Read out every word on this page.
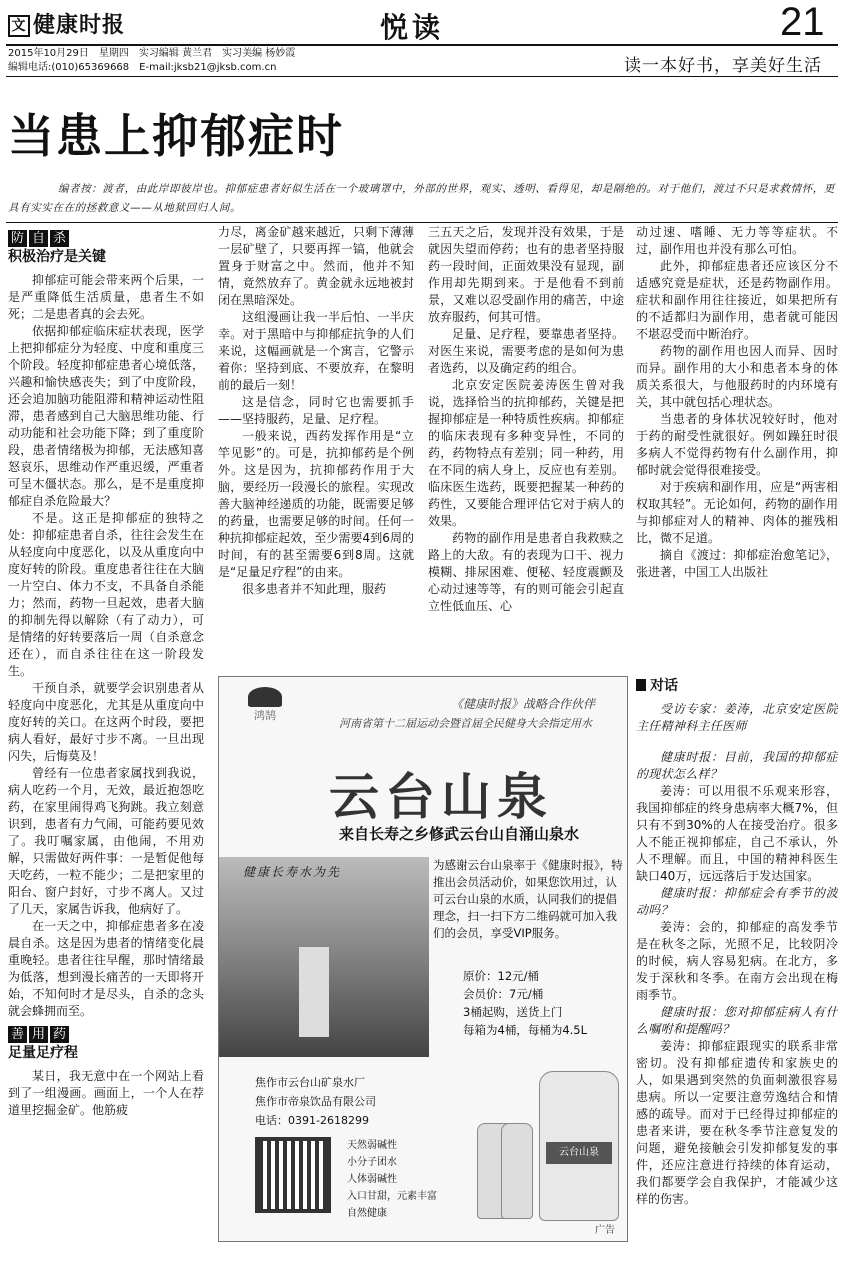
文 健康时报	悦读	21
2015年10月29日 星期四 实习编辑 黄兰君 实习美编 杨妙霞
编辑电话:(010)65369668 E-mail:jksb21@jksb.com.cn	读一本好书，享美好生活
当患上抑郁症时
编者按：渡者，由此岸即彼岸也。抑郁症患者好似生活在一个玻璃罩中，外部的世界，观实、透明、看得见，却是隔绝的。对于他们，渡过不只是求救情怀，更具有实实在在的拯救意义——从地狱回归人间。
防 自 杀
积极治疗是关键

抑郁症可能会带来两个后果，一是严重降低生活质量，患者生不如死；二是患者真的会去死。

依据抑郁症临床症状表现，医学上把抑郁症分为轻度、中度和重度三个阶段。轻度抑郁症患者心境低落，兴趣和愉快感丧失；到了中度阶段，还会追加脑功能阻滞和精神运动性阻滞，患者感到自己大脑思维功能、行动功能和社会功能下降；到了重度阶段，患者情绪极为抑郁，无法感知喜怒哀乐，思维动作严重迟缓，严重者可呈木僵状态。那么，是不是重度抑郁症自杀危险最大？

不是。这正是抑郁症的独特之处：抑郁症患者自杀，往往会发生在从轻度向中度恶化，以及从重度向中度好转的阶段。重度患者往往在大脑一片空白、体力不支，不具备自杀能力；然而，药物一旦起效，患者大脑的抑制先得以解除（有了动力），可是情绪的好转要落后一周（自杀意念还在），而自杀往往在这一阶段发生。

干预自杀，就要学会识别患者从轻度向中度恶化，尤其是从重度向中度好转的关口。在这两个时段，要把病人看好，最好寸步不离。一旦出现闪失，后悔莫及！

曾经有一位患者家属找到我说，病人吃药一个月，无效，最近抱怨吃药，在家里闹得鸡飞狗跳。我立刻意识到，患者有力气闹，可能药要见效了。我叮嘱家属，由他闹，不用劝解，只需做好两件事：一是暂促他每天吃药，一粒不能少；二是把家里的阳台、窗户封好，寸步不离人。又过了几天，家属告诉我，他病好了。

在一天之中，抑郁症患者多在凌晨自杀。这是因为患者的情绪变化晨重晚轻。患者往往早醒，那时情绪最为低落，想到漫长痛苦的一天即将开始，不知何时才是尽头，自杀的念头就会蜂拥而至。

善 用 药
足量足疗程

某日，我无意中在一个网站上看到了一组漫画。画面上，一个人在荐道里挖掘金矿。他筋疲

力尽，离金矿越来越近，只剩下薄薄一层矿壁了，只要再挥一镐，他就会置身于财富之中。然而，他并不知情，竟然放弃了。黄金就永远地被封闭在黑暗深处。

这组漫画让我一半后怕、一半庆幸。对于黑暗中与抑郁症抗争的人们来说，这幅画就是一个寓言，它警示着你：坚持到底、不要放弃，在黎明前的最后一刻！

这是信念，同时它也需要抓手——坚持服药，足量、足疗程。

一般来说，西药发挥作用是“立竿见影”的。可是，抗抑郁药是个例外。这是因为，抗抑郁药作用于大脑，要经历一段漫长的旅程。实现改善大脑神经递质的功能，既需要足够的药量，也需要足够的时间。任何一种抗抑郁症起效，至少需要4到6周的时间，有的甚至需要6到8周。这就是“足量足疗程”的由来。

很多患者并不知此理，服药

三五天之后，发现并没有效果，于是就因失望而停药；也有的患者坚持服药一段时间，正面效果没有显现，副作用却先期到来。于是他看不到前景，又难以忍受副作用的痛苦，中途放弃服药，何其可惜。

足量、足疗程，要靠患者坚持。对医生来说，需要考虑的是如何为患者选药，以及确定药的组合。

北京安定医院姜涛医生曾对我说，选择恰当的抗抑郁药，关键是把握抑郁症是一种特质性疾病。抑郁症的临床表现有多种变异性，不同的药，药物特点有差别；同一种药，用在不同的病人身上，反应也有差别。临床医生选药，既要把握某一种药的药性，又要能合理评估它对于病人的效果。

药物的副作用是患者自我救赎之路上的大敌。有的表现为口干、视力模糊、排尿困难、便秘、轻度震颤及心动过速等等，有的则可能会引起直立性低血压、心

动过速、嗜睡、无力等等症状。不过，副作用也并没有那么可怕。

此外，抑郁症患者还应该区分不适感究竟是症状，还是药物副作用。症状和副作用往往接近，如果把所有的不适都归为副作用，患者就可能因不堪忍受而中断治疗。

药物的副作用也因人而异、因时而异。副作用的大小和患者本身的体质关系很大，与他服药时的内环境有关，其中就包括心理状态。

当患者的身体状况较好时，他对于药的耐受性就很好。例如躁狂时很多病人不觉得药物有什么副作用，抑郁时就会觉得很难接受。

对于疾病和副作用，应是“两害相权取其轻”。无论如何，药物的副作用与抑郁症对人的精神、肉体的摧残相比，微不足道。

摘自《渡过：抑郁症治愈笔记》，张进著，中国工人出版社

鸿鹄
《健康时报》战略合作伙伴
河南省第十二届运动会暨首届全民健身大会指定用水
云台山泉
来自长寿之乡修武云台山自涌山泉水
健康长寿水为先	为感谢云台山泉率于《健康时报》，特推出会员活动价，如果您饮用过，认可云台山泉的水质，认同我们的提倡理念，扫一扫下方二维码就可加入我们的会员，享受VIP服务。
原价：12元/桶
会员价：7元/桶
3桶起购，送货上门
每箱为4桶，每桶为4.5L
焦作市云台山矿泉水厂
焦作市帝泉饮品有限公司
电话：0391-2618299
天然弱碱性
小分子团水
人体弱碱性
入口甘甜，元素丰富
自然健康
云台山泉
广告
对话

受访专家：姜涛，北京安定医院主任精神科主任医师

健康时报：目前，我国的抑郁症的现状怎么样？

姜涛：可以用很不乐观来形容，我国抑郁症的终身患病率大概7%，但只有不到30%的人在接受治疗。很多人不能正视抑郁症，自己不承认，外人不理解。而且，中国的精神科医生缺口40万，远远落后于发达国家。

健康时报：抑郁症会有季节的波动吗？

姜涛：会的，抑郁症的高发季节是在秋冬之际，光照不足，比较阴冷的时候，病人容易犯病。在北方，多发于深秋和冬季。在南方会出现在梅雨季节。

健康时报：您对抑郁症病人有什么嘱咐和提醒吗？

姜涛：抑郁症跟现实的联系非常密切。没有抑郁症遗传和家族史的人，如果遇到突然的负面刺激很容易患病。所以一定要注意劳逸结合和情感的疏导。而对于已经得过抑郁症的患者来讲，要在秋冬季节注意复发的问题，避免接触会引发抑郁复发的事件，还应注意进行持续的体育运动，我们都要学会自我保护，才能减少这样的伤害。
